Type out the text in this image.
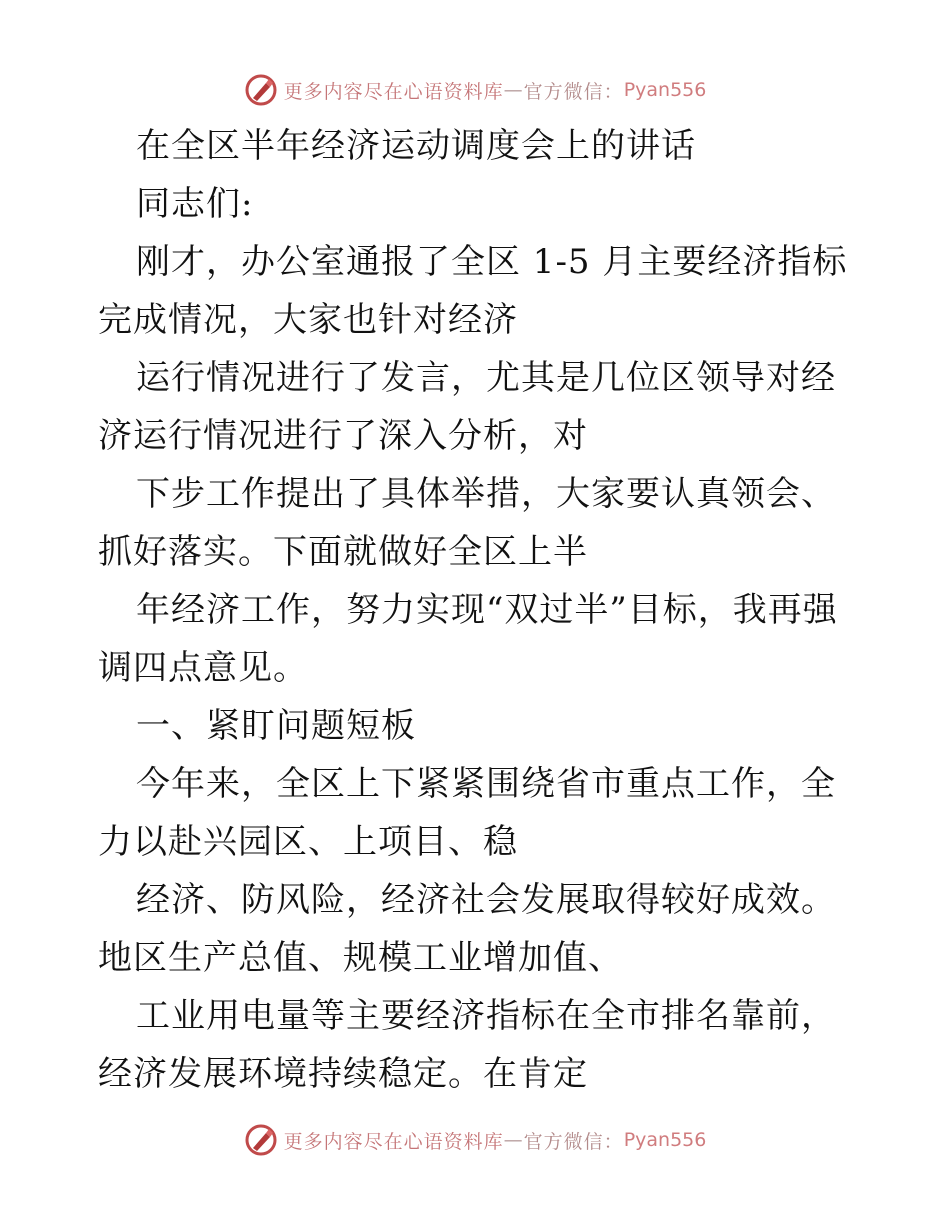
更多内容尽在心语资料库 — 官方微信： Pyan556

在全区半年经济运动调度会上的讲话

同志们:

刚才，办公室通报了全区 1-5 月主要经济指标完成情况，大家也针对经济

运行情况进行了发言，尤其是几位区领导对经济运行情况进行了深入分析，对

下步工作提出了具体举措，大家要认真领会、抓好落实。下面就做好全区上半

年经济工作，努力实现“双过半”目标，我再强调四点意见。

一、紧盯问题短板

今年来，全区上下紧紧围绕省市重点工作，全力以赴兴园区、上项目、稳

经济、防风险，经济社会发展取得较好成效。地区生产总值、规模工业增加值、

工业用电量等主要经济指标在全市排名靠前，经济发展环境持续稳定。在肯定

更多内容尽在心语资料库 — 官方微信： Pyan556
